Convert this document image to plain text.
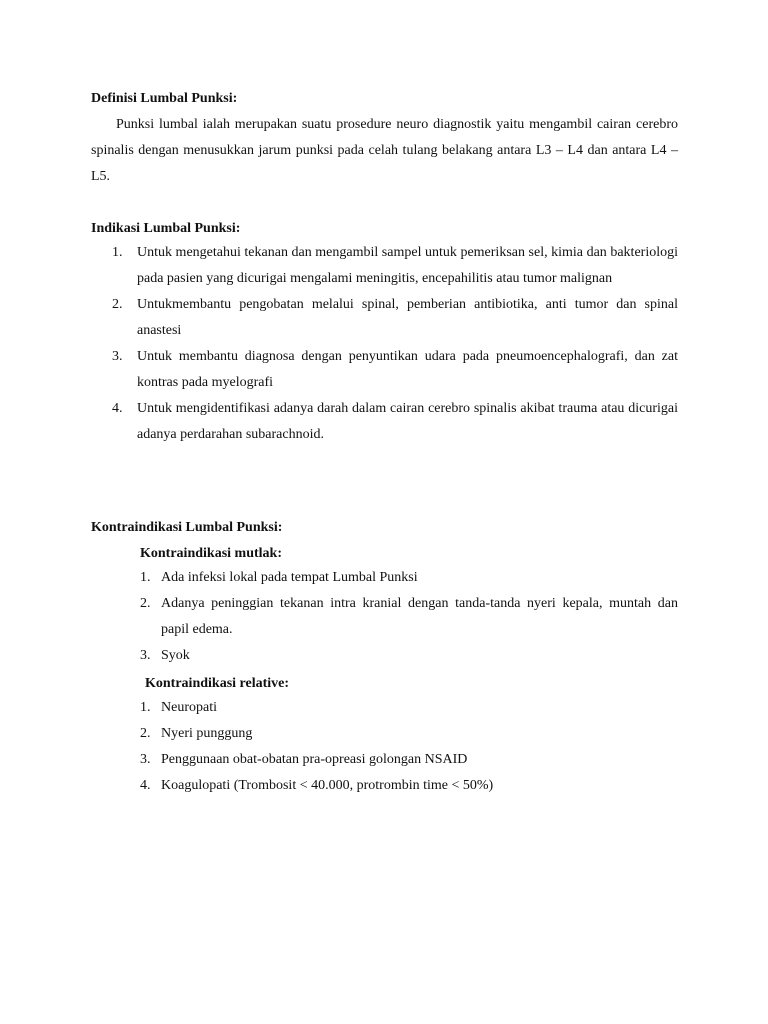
Definisi Lumbal Punksi:
Punksi lumbal ialah merupakan suatu prosedure neuro diagnostik yaitu mengambil cairan cerebro spinalis dengan menusukkan jarum punksi pada celah tulang belakang antara L3 – L4 dan antara L4 – L5.
Indikasi Lumbal Punksi:
1. Untuk mengetahui tekanan dan mengambil sampel untuk pemeriksan sel, kimia dan bakteriologi pada pasien yang dicurigai mengalami meningitis, encepahilitis atau tumor malignan
2. Untukmembantu pengobatan melalui spinal, pemberian antibiotika, anti tumor dan spinal anastesi
3. Untuk membantu diagnosa dengan penyuntikan udara pada pneumoencephalografi, dan zat kontras pada myelografi
4. Untuk mengidentifikasi adanya darah dalam cairan cerebro spinalis akibat trauma atau dicurigai adanya perdarahan subarachnoid.
Kontraindikasi Lumbal Punksi:
Kontraindikasi mutlak:
1. Ada infeksi lokal pada tempat Lumbal Punksi
2. Adanya peninggian tekanan intra kranial dengan tanda-tanda nyeri kepala, muntah dan papil edema.
3. Syok
Kontraindikasi relative:
1. Neuropati
2. Nyeri punggung
3. Penggunaan obat-obatan pra-opreasi golongan NSAID
4. Koagulopati (Trombosit < 40.000, protrombin time < 50%)
